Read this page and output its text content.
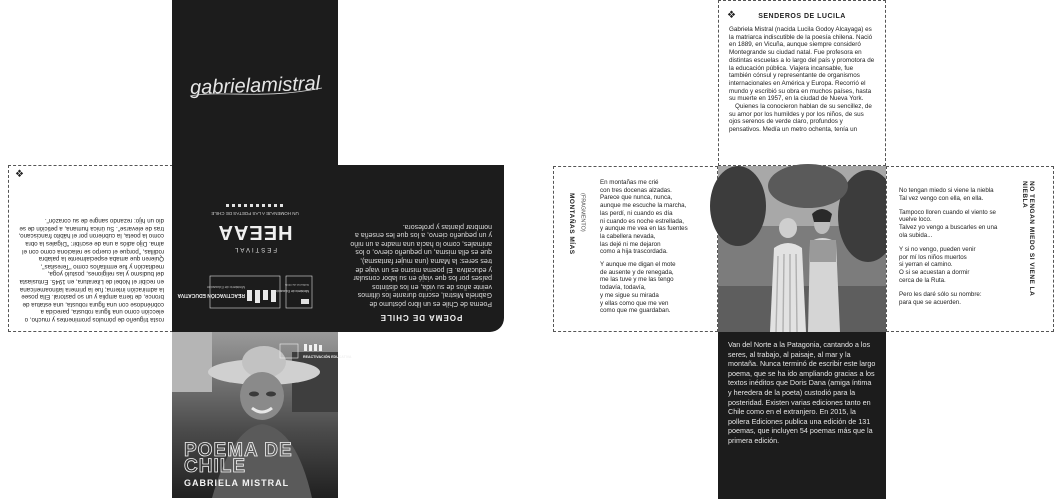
❖
rosta trigueño de pómulos prominentes y mucho, o elección como una figura robusta, parecida a cobriéndose con una figura robusta, una estatua de bronce, de tierra amplia y un so pastoral. Ella posee la admiración interna; fue la primera latinoamericana en recibir el Nobel de Literatura, en 1945. Entusiasta del budismo y las religiones, postuló yoga, meditación y fue ermitaños como "Teresitas", Quieren que amaba especialmente la palabra rodillas, "porque el cuerpo se relaciona como con el alma. Dijo adiós a una de escribir: "Dígales la obra como la poeta, la cubrieron por el hábito franciscano, tras de elevarse". Su única humana, a petición de se dio un hijo: rezando sangre de su corazón".
gabrielamistral
FESTIVAL
HEEAA
UN HOMENAJE A LAS POETAS DE CHILE
REACTIVACIÓN EDUCATIVA
Ministerio de Educación
Ministerio de Educación
Gobierno de Chile
POEMA DE CHILE
Poema de Chile es un libro póstumo de Gabriela Mistral, escrito durante los últimos veinte años de su vida, en los distintos países por los que viajó en su labor consular y educativa. El poema mismo es un viaje de tres seres: la Mama (una mujer fantasma), que es ella misma, un pequeño ciervo, o los animales, como lo hacía una madre a un niño y un pequeño ciervo, a los que les enseña a nombrar plantas y profesora.
REACTIVACIÓN EDUCATIVA
POEMA DE
CHILE
GABRIELA MISTRAL
❖	SENDEROS DE LUCILA
Gabriela Mistral (nacida Lucila Godoy Alcayaga) es la matriarca indiscutible de la poesía chilena. Nació en 1889, en Vicuña, aunque siempre consideró Montegrande su ciudad natal. Fue profesora en distintas escuelas a lo largo del país y promotora de la educación pública. Viajera incansable, fue también cónsul y representante de organismos internacionales en América y Europa. Recorrió el mundo y escribió su obra en muchos países, hasta su muerte en 1957, en la ciudad de Nueva York.
Quienes la conocieron hablan de su sencillez, de su amor por los humildes y por los niños, de sus ojos serenos de verde claro, profundos y pensativos. Medía un metro ochenta, tenía un
MONTAÑAS MÍAS (FRAGMENTO)
En montañas me crié
con tres docenas alzadas.
Parece que nunca, nunca,
aunque me escuche la marcha,
las perdí, ni cuando es día
ni cuando es noche estrellada,
y aunque me vea en las fuentes
la cabellera nevada,
las dejé ni me dejaron
como a hija trascordada.
Y aunque me digan el mote
de ausente y de renegada,
me las tuve y me las tengo
todavía, todavía,
y me sigue su mirada
y ellas como que me ven
como que me guardaban.
NO TENGAN MIEDO SI VIENE LA NIEBLA
No tengan miedo si viene la niebla
Tal vez vengo con ella, en ella.
Tampoco lloren cuando el viento se
vuelve loco.
Talvez yo vengo a buscarles en una
ola subida...
Y si no vengo, pueden venir
por mí los niños muertos
si yerran el camino.
O si se acuestan a dormir
cerca de la Ruta.
Pero les daré sólo su nombre:
para que se acuerden.
Van del Norte a la Patagonia, cantando a los seres, al trabajo, al paisaje, al mar y la montaña. Nunca terminó de escribir este largo poema, que se ha ido ampliando gracias a los textos inéditos que Doris Dana (amiga íntima y heredera de la poeta) custodió para la posteridad. Existen varias ediciones tanto en Chile como en el extranjero. En 2015, la pollera Ediciones publica una edición de 131 poemas, que incluyen 54 poemas más que la primera edición.
